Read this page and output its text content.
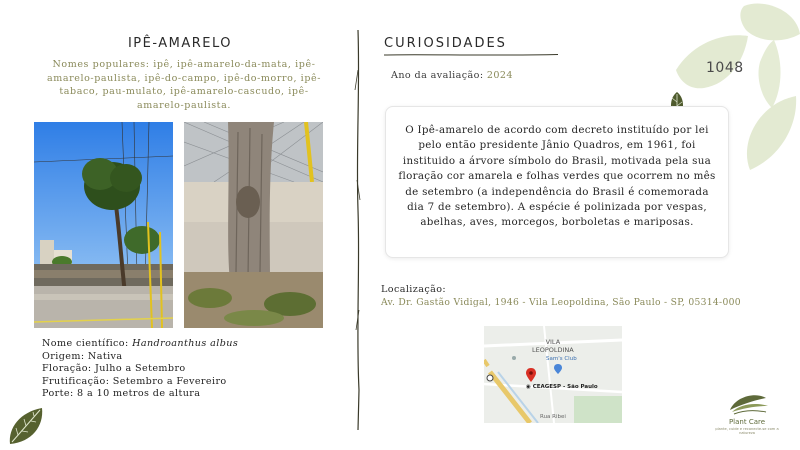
1048
IPÊ-AMARELO
Nomes populares: ipê, ipê-amarelo-da-mata, ipê-amarelo-paulista, ipê-do-campo, ipê-do-morro, ipê-tabaco, pau-mulato, ipê-amarelo-cascudo, ipê-amarelo-paulista.
Nome científico: Handroanthus albus
Origem: Nativa
Floração: Julho a Setembro
Frutificação: Setembro a Fevereiro
Porte: 8 a 10 metros de altura
CURIOSIDADES
Ano da avaliação: 2024

O Ipê-amarelo de acordo com decreto instituído por lei pelo então presidente Jânio Quadros, em 1961, foi instituido a árvore símbolo do Brasil, motivada pela sua floração cor amarela e folhas verdes que ocorrem no mês de setembro (a independência do Brasil é comemorada dia 7 de setembro). A espécie é polinizada por vespas, abelhas, aves, morcegos, borboletas e mariposas.

Localização:
Av. Dr. Gastão Vidigal, 1946 - Vila Leopoldina, São Paulo - SP, 05314-000
VILA
LEOPOLDINA
Sam's Club
◉ CEAGESP - São Paulo
Rua Ribei
Plant Care
plante, cuide e reconecte-se com a natureza
